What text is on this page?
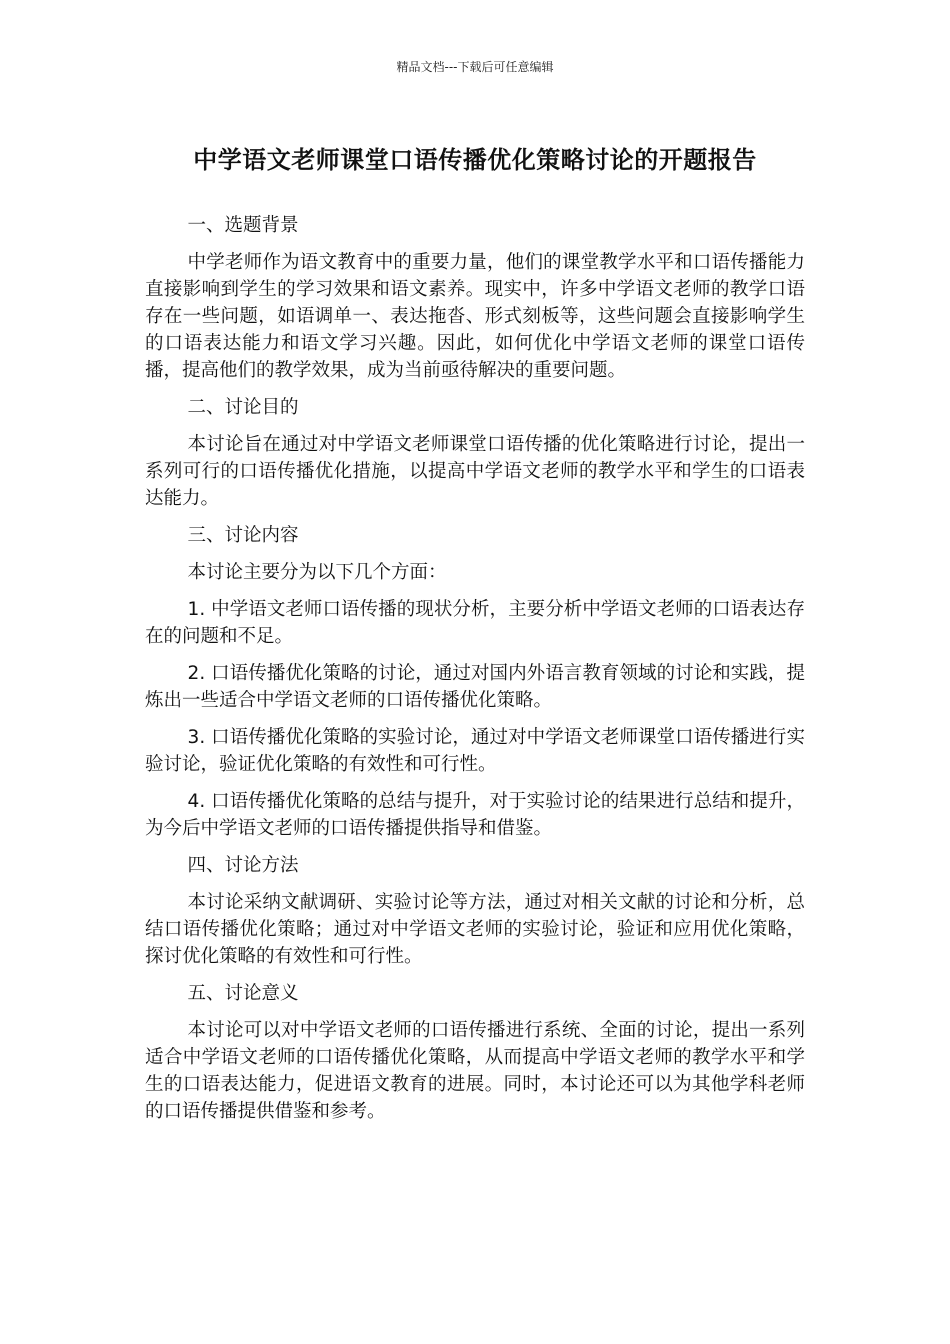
精品文档---下载后可任意编辑
中学语文老师课堂口语传播优化策略讨论的开题报告

一、选题背景

中学老师作为语文教育中的重要力量，他们的课堂教学水平和口语传播能力直接影响到学生的学习效果和语文素养。现实中，许多中学语文老师的教学口语存在一些问题，如语调单一、表达拖沓、形式刻板等，这些问题会直接影响学生的口语表达能力和语文学习兴趣。因此，如何优化中学语文老师的课堂口语传播，提高他们的教学效果，成为当前亟待解决的重要问题。

二、讨论目的

本讨论旨在通过对中学语文老师课堂口语传播的优化策略进行讨论，提出一系列可行的口语传播优化措施，以提高中学语文老师的教学水平和学生的口语表达能力。

三、讨论内容

本讨论主要分为以下几个方面：

1. 中学语文老师口语传播的现状分析，主要分析中学语文老师的口语表达存在的问题和不足。

2. 口语传播优化策略的讨论，通过对国内外语言教育领域的讨论和实践，提炼出一些适合中学语文老师的口语传播优化策略。

3. 口语传播优化策略的实验讨论，通过对中学语文老师课堂口语传播进行实验讨论，验证优化策略的有效性和可行性。

4. 口语传播优化策略的总结与提升，对于实验讨论的结果进行总结和提升，为今后中学语文老师的口语传播提供指导和借鉴。

四、讨论方法

本讨论采纳文献调研、实验讨论等方法，通过对相关文献的讨论和分析，总结口语传播优化策略；通过对中学语文老师的实验讨论，验证和应用优化策略，探讨优化策略的有效性和可行性。

五、讨论意义

本讨论可以对中学语文老师的口语传播进行系统、全面的讨论，提出一系列适合中学语文老师的口语传播优化策略，从而提高中学语文老师的教学水平和学生的口语表达能力，促进语文教育的进展。同时，本讨论还可以为其他学科老师的口语传播提供借鉴和参考。
